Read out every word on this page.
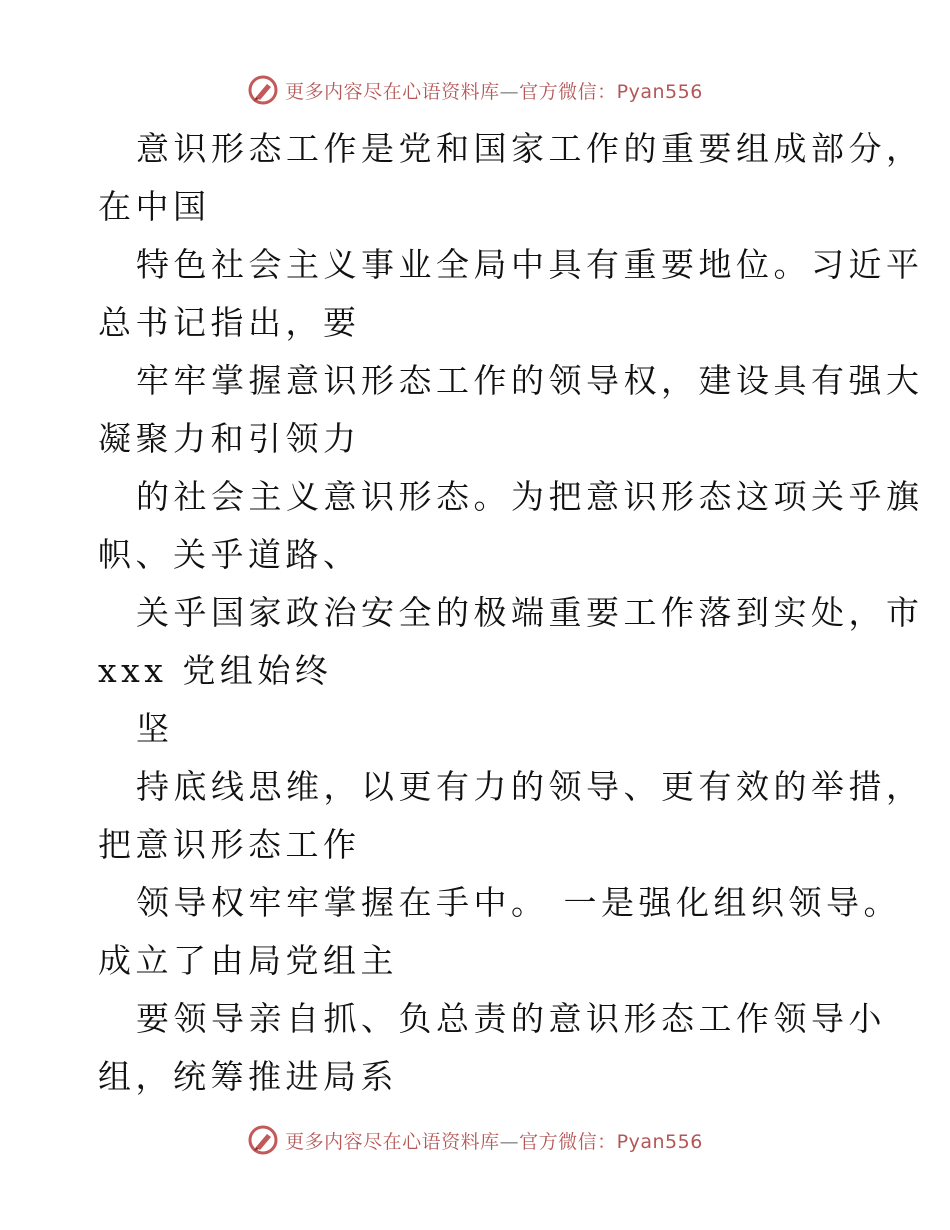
更多内容尽在心语资料库—官方微信：Pyan556
意识形态工作是党和国家工作的重要组成部分，
在中国
特色社会主义事业全局中具有重要地位。习近平
总书记指出，要
牢牢掌握意识形态工作的领导权，建设具有强大
凝聚力和引领力
的社会主义意识形态。为把意识形态这项关乎旗
帜、关乎道路、
关乎国家政治安全的极端重要工作落到实处，市
xxx 党组始终
坚
持底线思维，以更有力的领导、更有效的举措，
把意识形态工作
领导权牢牢掌握在手中。 一是强化组织领导。
成立了由局党组主
要领导亲自抓、负总责的意识形态工作领导小
组，统筹推进局系
更多内容尽在心语资料库—官方微信：Pyan556
